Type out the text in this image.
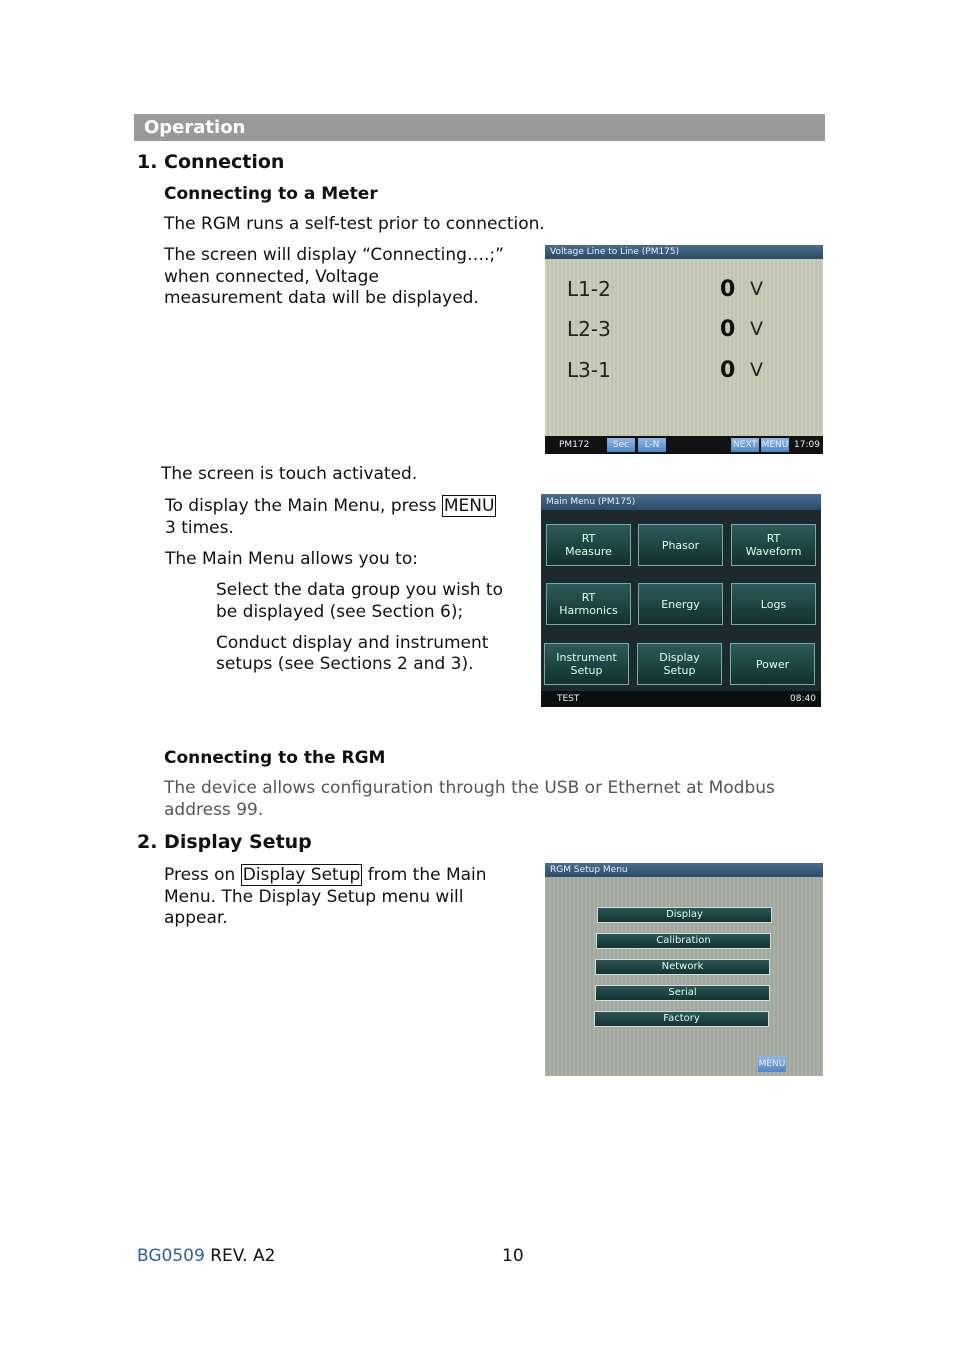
Operation
1. Connection
Connecting to a Meter
The RGM runs a self-test prior to connection.
The screen will display “Connecting….;”
when connected, Voltage
measurement data will be displayed.
Voltage Line to Line (PM175)
L1-2	0 V
L2-3	0 V
L3-1	0 V
PM172	Sec	L-N	NEXT MENU 17:09
The screen is touch activated.
To display the Main Menu, press MENU
3 times.
The Main Menu allows you to:
Select the data group you wish to
be displayed (see Section 6);
Conduct display and instrument
setups (see Sections 2 and 3).
Main Menu (PM175)
RT
Measure	Phasor	RT
Waveform
RT
Harmonics	Energy	Logs
Instrument
Setup
Display
Setup	Power
TEST	08:40
Connecting to the RGM
The device allows configuration through the USB or Ethernet at Modbus
address 99.
2. Display Setup
Press on Display Setup from the Main
Menu. The Display Setup menu will
appear.
RGM Setup Menu
Display
Calibration
Network
Serial
Factory
MENU
BG0509 REV. A2	10
